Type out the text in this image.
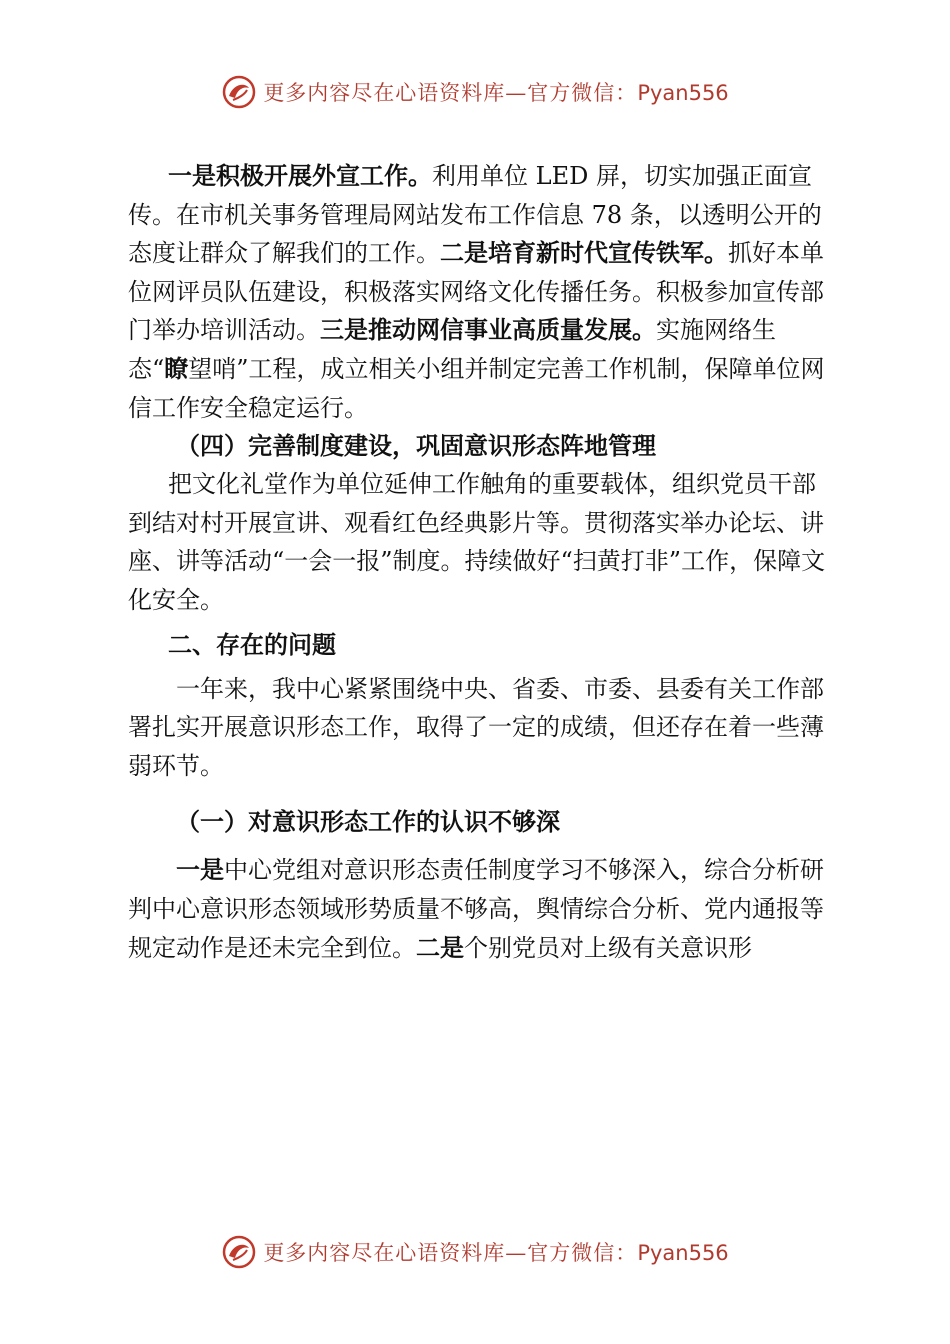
更多内容尽在心语资料库—官方微信：Pyan556

一是积极开展外宣工作。利用单位 LED 屏，切实加强正面宣传。在市机关事务管理局网站发布工作信息 78 条，以透明公开的态度让群众了解我们的工作。二是培育新时代宣传铁军。抓好本单位网评员队伍建设，积极落实网络文化传播任务。积极参加宣传部门举办培训活动。三是推动网信事业高质量发展。实施网络生态“瞭望哨”工程，成立相关小组并制定完善工作机制，保障单位网信工作安全稳定运行。

（四）完善制度建设，巩固意识形态阵地管理

把文化礼堂作为单位延伸工作触角的重要载体，组织党员干部到结对村开展宣讲、观看红色经典影片等。贯彻落实举办论坛、讲座、讲等活动“一会一报”制度。持续做好“扫黄打非”工作，保障文化安全。

二、存在的问题

一年来，我中心紧紧围绕中央、省委、市委、县委有关工作部署扎实开展意识形态工作，取得了一定的成绩，但还存在着一些薄弱环节。

（一）对意识形态工作的认识不够深

一是中心党组对意识形态责任制度学习不够深入，综合分析研判中心意识形态领域形势质量不够高，舆情综合分析、党内通报等规定动作是还未完全到位。二是个别党员对上级有关意识形

更多内容尽在心语资料库—官方微信：Pyan556
